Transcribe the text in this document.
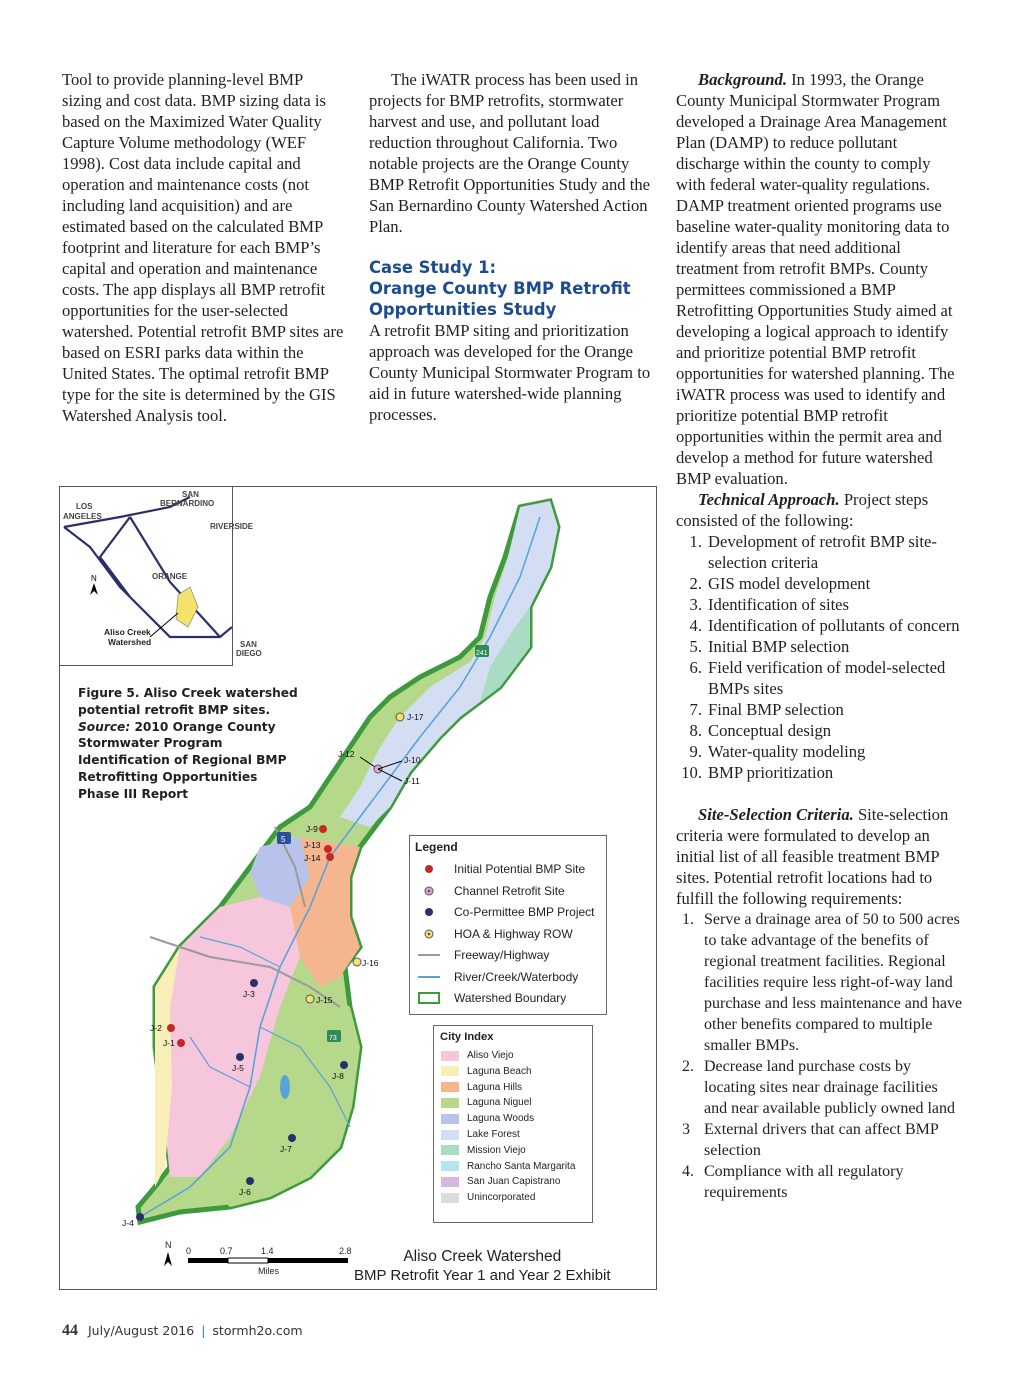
Tool to provide planning-level BMP sizing and cost data. BMP sizing data is based on the Maximized Water Quality Capture Volume methodology (WEF 1998). Cost data include capital and operation and maintenance costs (not including land acquisition) and are estimated based on the calculated BMP footprint and literature for each BMP’s capital and operation and maintenance costs. The app displays all BMP retrofit opportunities for the user-selected watershed. Potential retrofit BMP sites are based on ESRI parks data within the United States. The optimal retrofit BMP type for the site is determined by the GIS Watershed Analysis tool.

The iWATR process has been used in projects for BMP retrofits, stormwater harvest and use, and pollutant load reduction throughout California. Two notable projects are the Orange County BMP Retrofit Opportunities Study and the San Bernardino County Watershed Action Plan.

Case Study 1:
Orange County BMP Retrofit Opportunities Study

A retrofit BMP siting and prioritization approach was developed for the Orange County Municipal Stormwater Program to aid in future watershed-wide planning processes.

Background. In 1993, the Orange County Municipal Stormwater Program developed a Drainage Area Management Plan (DAMP) to reduce pollutant discharge within the county to comply with federal water-quality regulations. DAMP treatment oriented programs use baseline water-quality monitoring data to identify areas that need additional treatment from retrofit BMPs. County permittees commissioned a BMP Retrofitting Opportunities Study aimed at developing a logical approach to identify and prioritize potential BMP retrofit opportunities for watershed planning. The iWATR process was used to identify and prioritize potential BMP retrofit opportunities within the permit area and develop a method for future watershed BMP evaluation.

Technical Approach. Project steps consisted of the following:

1. Development of retrofit BMP site-selection criteria
2. GIS model development
3. Identification of sites
4. Identification of pollutants of concern
5. Initial BMP selection
6. Field verification of model-selected BMPs sites
7. Final BMP selection
8. Conceptual design
9. Water-quality modeling
10. BMP prioritization

Site-Selection Criteria. Site-selection criteria were formulated to develop an initial list of all feasible treatment BMP sites. Potential retrofit locations had to fulfill the following requirements:

1. Serve a drainage area of 50 to 500 acres to take advantage of the benefits of regional treatment facilities. Regional facilities require less right-of-way land purchase and less maintenance and have other benefits compared to multiple smaller BMPs.
2. Decrease land purchase costs by locating sites near drainage facilities and near available publicly owned land
3 External drivers that can affect BMP selection
4. Compliance with all regulatory requirements
241
5
73
J-17
J-12
J-10
J-11
J-9
J-13
J-14
J-16
J-3
J-15
J-2
J-1
J-5
J-8
J-7
J-6
J-4
N
LOS ANGELES
SAN BERNARDINO
RIVERSIDE
ORANGE
SAN DIEGO
Aliso Creek Watershed
Figure 5. Aliso Creek watershed potential retrofit BMP sites.
Source: 2010 Orange County Stormwater Program Identification of Regional BMP Retrofitting Opportunities Phase III Report
Legend
Initial Potential BMP Site
Channel Retrofit Site
Co-Permittee BMP Project
HOA & Highway ROW
Freeway/Highway
River/Creek/Waterbody
Watershed Boundary
City Index
Aliso Viejo
Laguna Beach
Laguna Hills
Laguna Niguel
Laguna Woods
Lake Forest
Mission Viejo
Rancho Santa Margarita
San Juan Capistrano
Unincorporated
N
0	0.7	1.4	2.8
Miles
Aliso Creek Watershed
BMP Retrofit Year 1 and Year 2 Exhibit
44 July/August 2016 | stormh2o.com
